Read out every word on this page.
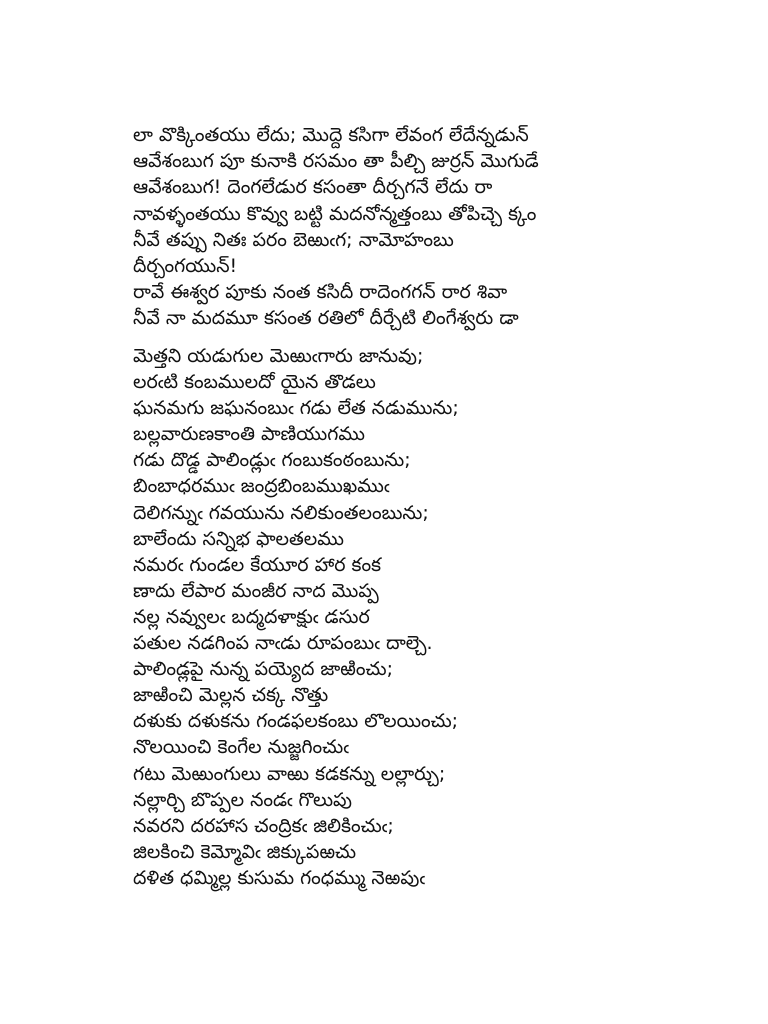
లా వొక్కింతయు లేదు; మొద్దె కసిగా లేవంగ లేదేన్నడున్
ఆవేశంబుగ పూ కునాకి రసమం తా పీల్చి జుర్రన్ మొగుడే
ఆవేశంబుగ! దెంగలేడుర కసంతా దీర్చగనే లేదు రా
నావళ్ళంతయు కొవ్వు బట్టి మదనోన్మత్తంబు తోపిచ్చె క్కం
నీవే తప్పు నితః పరం బెఱుఁగ; నామోహంబు
దీర్చంగయున్!
రావే ఈశ్వర పూకు నంత కసిదీ రాదెంగగన్ రార శివా
నీవే నా మదమూ కసంత రతిలో దీర్చేటి లింగేశ్వరు డా
మెత్తని యడుగుల మెఱుఁగారు జానువు;
లరఁటి కంబములదో యైన తొడలు
ఘనమగు జఘనంబుఁ గడు లేత నడుమును;
బల్లవారుణకాంతి పాణియుగము
గడు దొడ్డ పాలిండ్లుఁ గంబుకంఠంబును;
బింబాధరముఁ జంద్రబింబముఖముఁ
దెలిగన్నుఁ గవయును నలికుంతలంబును;
బాలేందు సన్నిభ ఫాలతలము
నమరఁ గుండల కేయూర హార కంక
ణాదు లేపార మంజీర నాద మొప్ప
నల్ల నవ్వులఁ బద్మదళాక్షుఁ డసుర
పతుల నడగింప నాఁడు రూపంబుఁ దాల్చె.
పాలిండ్లపై నున్న పయ్యెద జాఱించు;
జాఱించి మెల్లన చక్క నొత్తు
దళుకు దళుకను గండఫలకంబు లొలయించు;
నొలయించి కెంగేల నుజ్జగించుఁ
గటు మెఱుంగులు వాఱు కడకన్ను లల్లార్చు;
నల్లార్చి బొప్పల నండఁ గొలుపు
నవరని దరహాస చంద్రికఁ జిలికించుఁ;
జిలకించి కెమ్మోవిఁ జిక్కుపఱచు
దళిత ధమ్మిల్ల కుసుమ గంధమ్ము నెఱపుఁ
